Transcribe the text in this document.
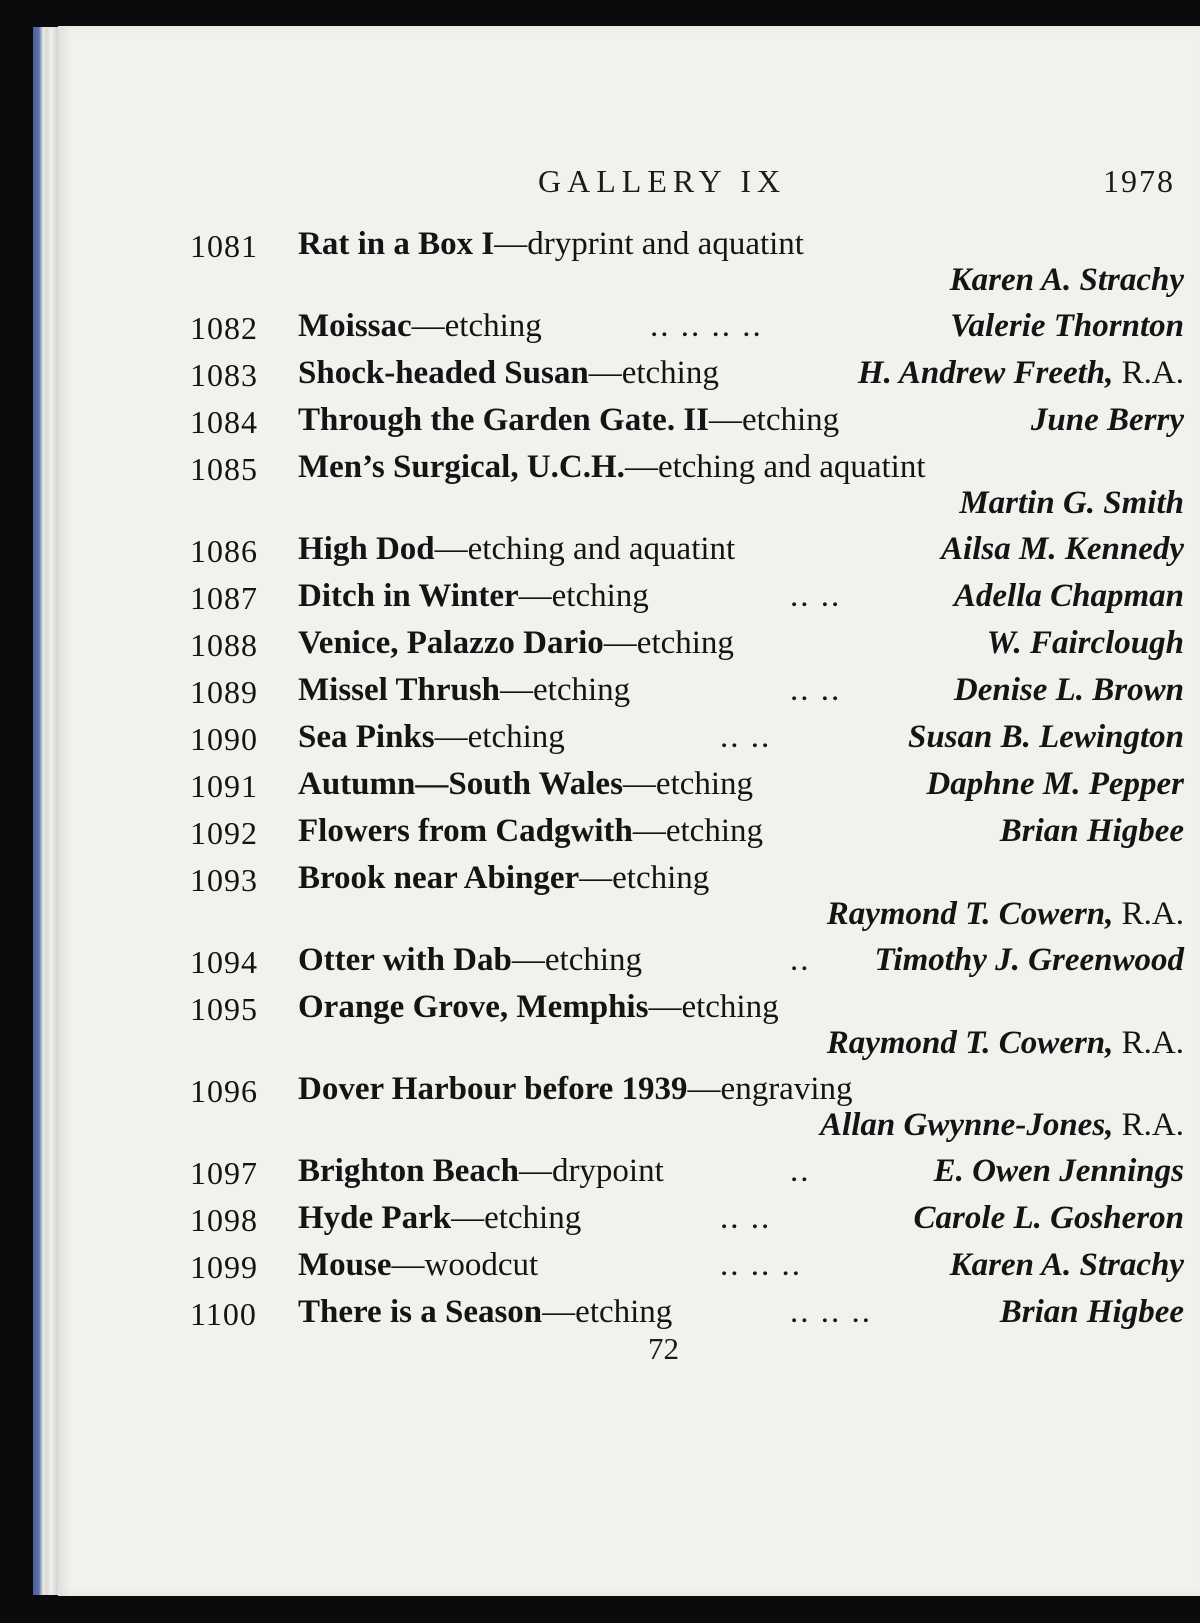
GALLERY IX	1978
1081	Rat in a Box I—dryprint and aquatint
Karen A. Strachy
1082	Moissac—etching	.. .. .. ..	Valerie Thornton
1083	Shock-headed Susan—etching	H. Andrew Freeth, R.A.
1084	Through the Garden Gate. II—etching	June Berry
1085	Men’s Surgical, U.C.H.—etching and aquatint
Martin G. Smith
1086	High Dod—etching and aquatint	Ailsa M. Kennedy
1087	Ditch in Winter—etching	.. ..	Adella Chapman
1088	Venice, Palazzo Dario—etching	W. Fairclough
1089	Missel Thrush—etching	.. ..	Denise L. Brown
1090	Sea Pinks—etching	.. ..	Susan B. Lewington
1091	Autumn—South Wales—etching	Daphne M. Pepper
1092	Flowers from Cadgwith—etching	Brian Higbee
1093	Brook near Abinger—etching
Raymond T. Cowern, R.A.
1094	Otter with Dab—etching	.. Timothy J. Greenwood
1095	Orange Grove, Memphis—etching
Raymond T. Cowern, R.A.
1096	Dover Harbour before 1939—engraving
Allan Gwynne-Jones, R.A.
1097	Brighton Beach—drypoint	..	E. Owen Jennings
1098	Hyde Park—etching	.. ..	Carole L. Gosheron
1099	Mouse—woodcut	.. .. ..	Karen A. Strachy
1100	There is a Season—etching	.. .. ..	Brian Higbee
72
